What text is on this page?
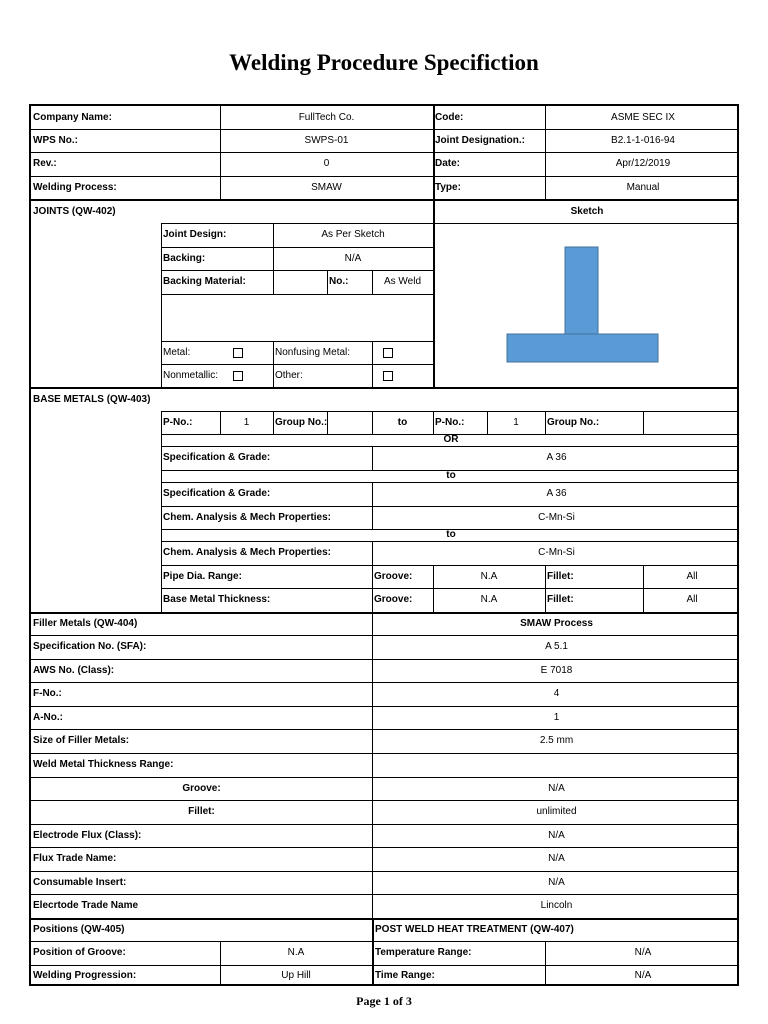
Welding Procedure Specifiction
Company Name:	FullTech Co.	Code:	ASME SEC IX
WPS No.:	SWPS-01	Joint Designation.:	B2.1-1-016-94
Rev.:	0	Date:	Apr/12/2019
Welding Process:	SMAW	Type:	Manual
JOINTS (QW-402)	Sketch
Joint Design:	As Per Sketch
Backing:	N/A
Backing Material:	No.:	As Weld
Metal:	Nonfusing Metal:
Nonmetallic:	Other:
BASE METALS (QW-403)
P-No.:	1	Group No.:	to	P-No.:	1	Group No.:
OR
Specification & Grade:	A 36
to
Specification & Grade:	A 36
Chem. Analysis & Mech Properties:	C-Mn-Si
to
Chem. Analysis & Mech Properties:	C-Mn-Si
Pipe Dia. Range:	Groove:	N.A	Fillet:	All
Base Metal Thickness:	Groove:	N.A	Fillet:	All
Filler Metals (QW-404)	SMAW Process
Specification No. (SFA):	A 5.1
AWS No. (Class):	E 7018
F-No.:	4
A-No.:	1
Size of Filler Metals:	2.5 mm
Weld Metal Thickness Range:
Groove:	N/A
Fillet:	unlimited
Electrode Flux (Class):	N/A
Flux Trade Name:	N/A
Consumable Insert:	N/A
Elecrtode Trade Name	Lincoln
Positions (QW-405)	POST WELD HEAT TREATMENT (QW-407)
Position of Groove:	N.A	Temperature Range:	N/A
Welding Progression:	Up Hill	Time Range:	N/A
Page 1 of 3
